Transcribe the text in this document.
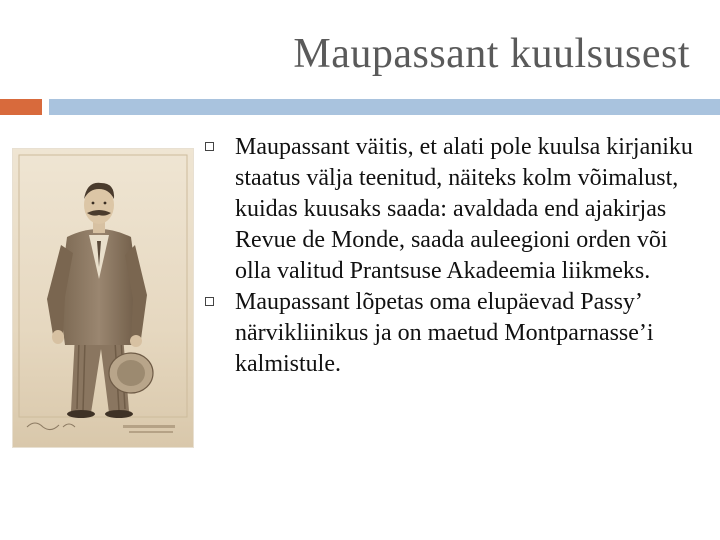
Maupassant kuulsusest
Maupassant väitis, et alati pole kuulsa kirjaniku staatus välja teenitud, näiteks kolm võimalust, kuidas kuusaks saada: avaldada end ajakirjas Revue de Monde, saada auleegioni orden või olla valitud Prantsuse Akadeemia liikmeks.
Maupassant lõpetas oma elupäevad Passy’ närvikliinikus ja on maetud Montparnasse’i kalmistule.
